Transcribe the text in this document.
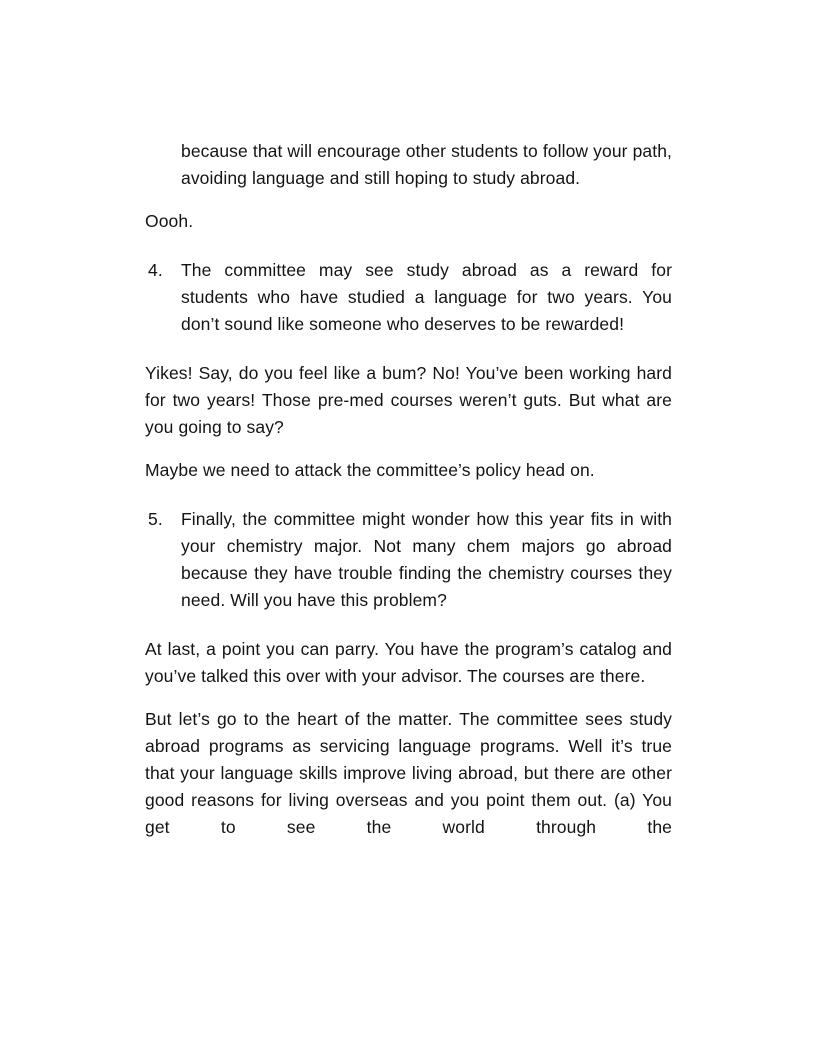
because that will encourage other students to follow your path, avoiding language and still hoping to study abroad.

Oooh.

4.	The committee may see study abroad as a reward for students who have studied a language for two years. You don’t sound like someone who deserves to be rewarded!

Yikes! Say, do you feel like a bum? No! You’ve been working hard for two years! Those pre-med courses weren’t guts. But what are you going to say?

Maybe we need to attack the committee’s policy head on.

5.	Finally, the committee might wonder how this year fits in with your chemistry major. Not many chem majors go abroad because they have trouble finding the chemistry courses they need. Will you have this problem?

At last, a point you can parry. You have the program’s catalog and you’ve talked this over with your advisor. The courses are there.

But let’s go to the heart of the matter. The committee sees study abroad programs as servicing language programs. Well it’s true that your language skills improve living abroad, but there are other good reasons for living overseas and you point them out. (a) You get to see the world through the
